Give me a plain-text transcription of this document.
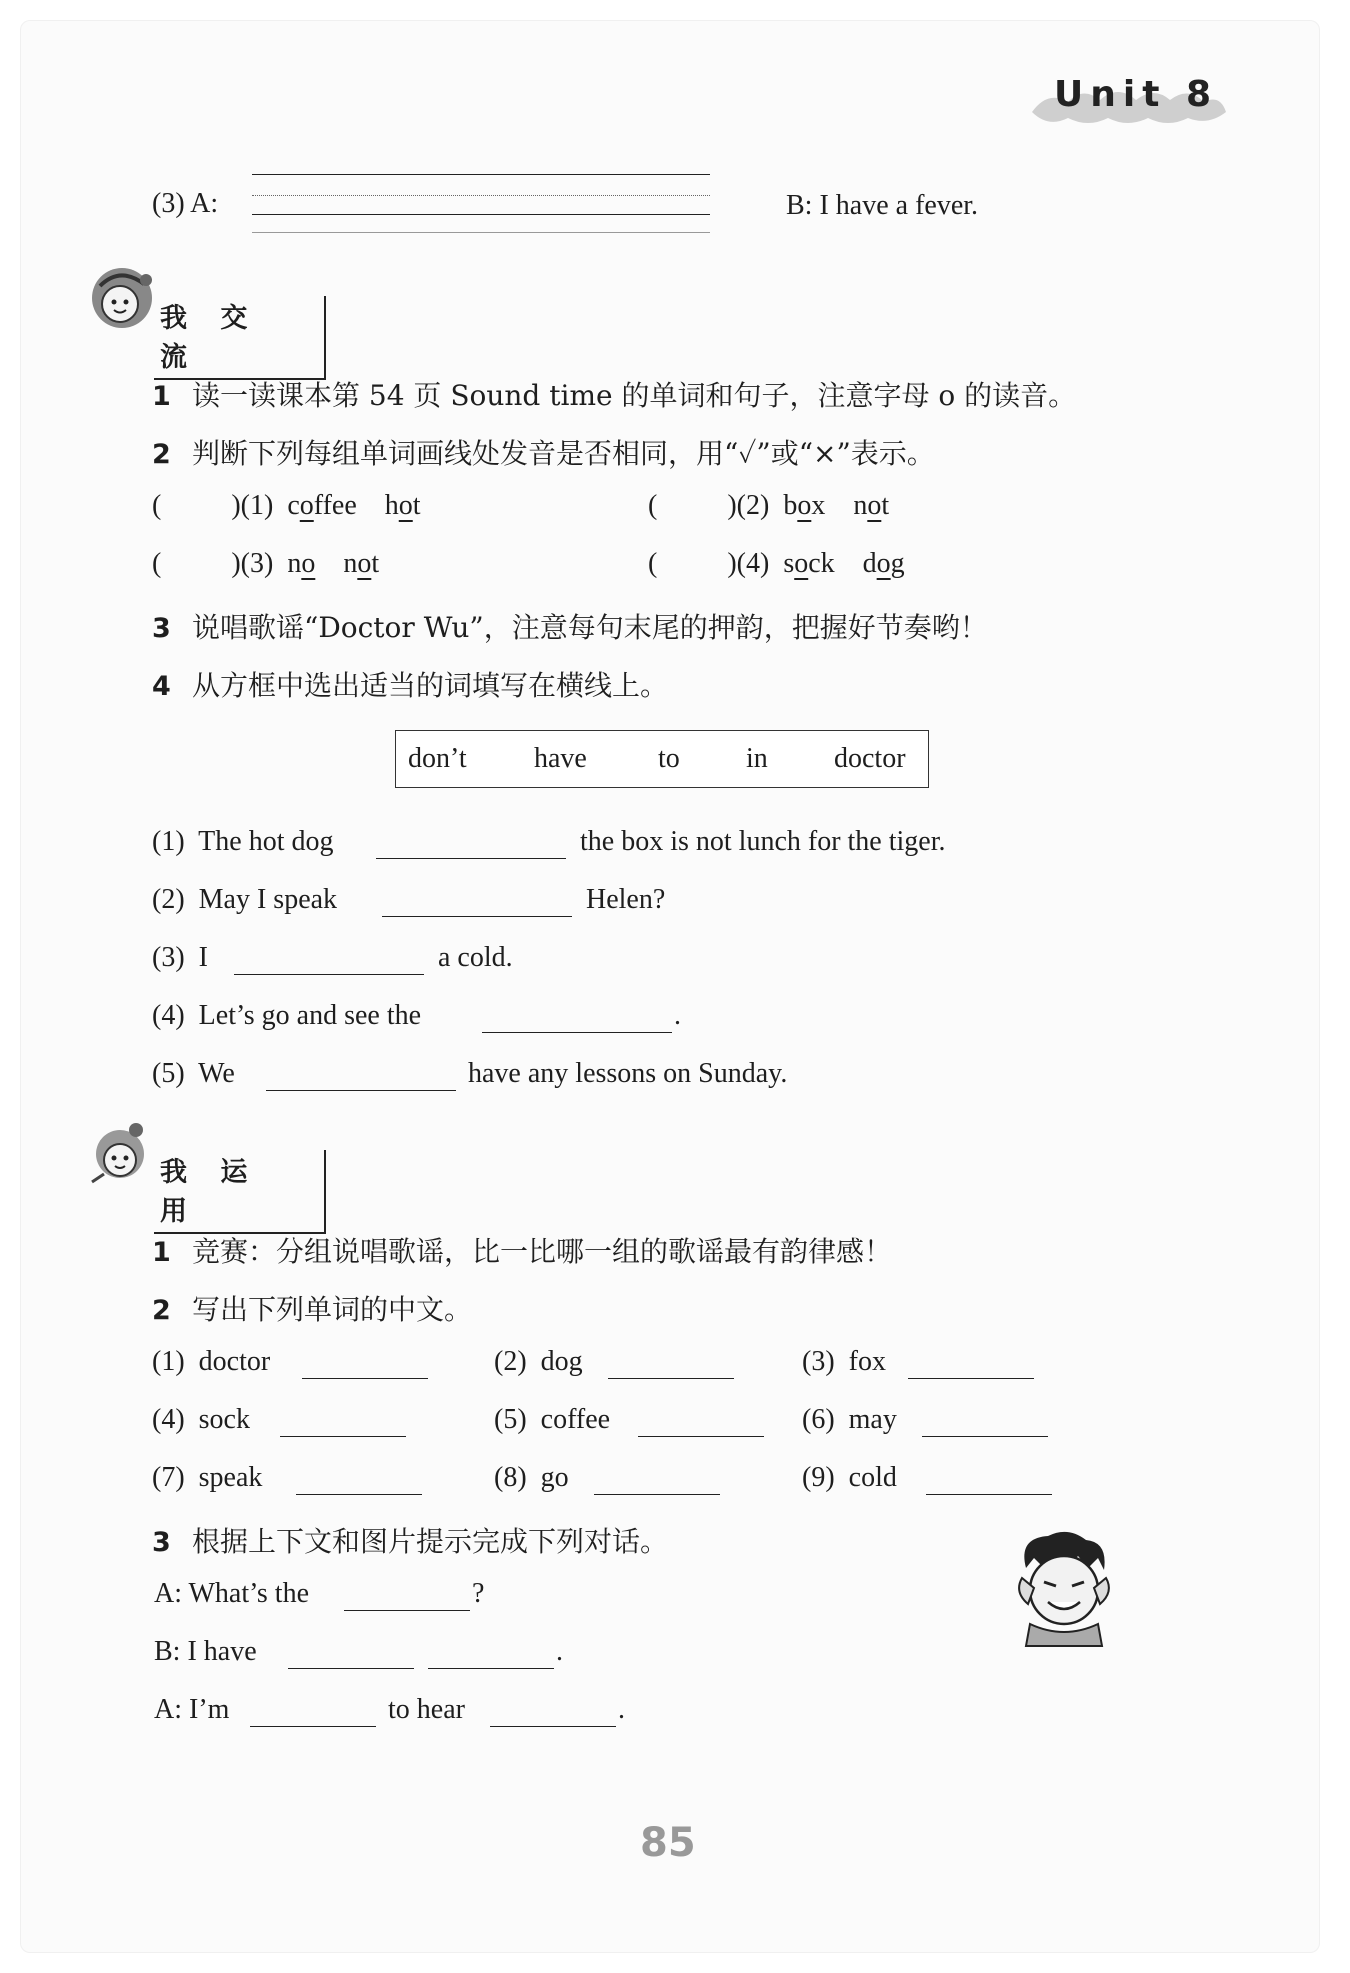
Unit 8
(3) A:	B: I have a fever.
我 交 流
1 读一读课本第 54 页 Sound time 的单词和句子，注意字母 o 的读音。
2 判断下列每组单词画线处发音是否相同，用“✓”或“×”表示。
(	)(1) coffee hot	(	)(2) box not
(	)(3) no not	(	)(4) sock dog
3 说唱歌谣“Doctor Wu”，注意每句末尾的押韵，把握好节奏哟！
4 从方框中选出适当的词填写在横线上。
don’t have	to in doctor
(1) The hot dog	the box is not lunch for the tiger.
(2) May I speak	Helen?
(3) I	a cold.
(4) Let’s go and see the	.
(5) We	have any lessons on Sunday.
我 运 用
1 竞赛：分组说唱歌谣，比一比哪一组的歌谣最有韵律感！
2 写出下列单词的中文。
(1) doctor	(2) dog	(3) fox
(4) sock	(5) coffee	(6) may
(7) speak	(8) go	(9) cold
3 根据上下文和图片提示完成下列对话。
A: What’s the	?
B: I have	.
A: I’m	to hear	.
85
